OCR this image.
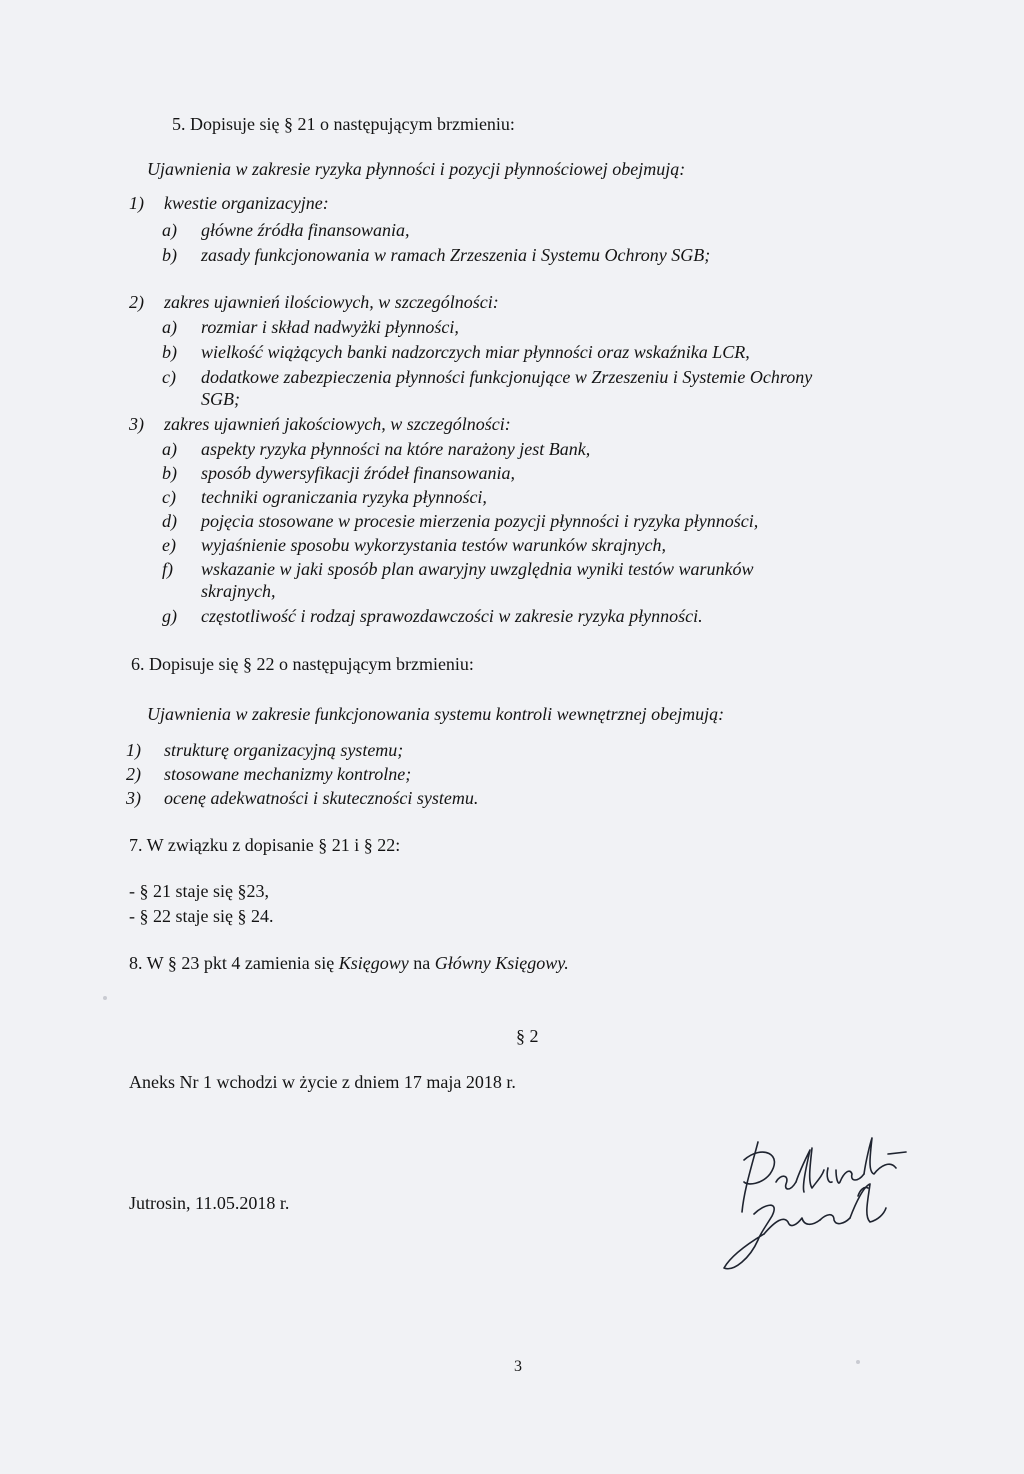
5. Dopisuje się § 21 o następującym brzmieniu:
Ujawnienia w zakresie ryzyka płynności i pozycji płynnościowej obejmują:
1) kwestie organizacyjne:
a) główne źródła finansowania,
b) zasady funkcjonowania w ramach Zrzeszenia i Systemu Ochrony SGB;
2) zakres ujawnień ilościowych, w szczególności:
a) rozmiar i skład nadwyżki płynności,
b) wielkość wiążących banki nadzorczych miar płynności oraz wskaźnika LCR,
c) dodatkowe zabezpieczenia płynności funkcjonujące w Zrzeszeniu i Systemie Ochrony
SGB;
3) zakres ujawnień jakościowych, w szczególności:
a) aspekty ryzyka płynności na które narażony jest Bank,
b) sposób dywersyfikacji źródeł finansowania,
c) techniki ograniczania ryzyka płynności,
d) pojęcia stosowane w procesie mierzenia pozycji płynności i ryzyka płynności,
e) wyjaśnienie sposobu wykorzystania testów warunków skrajnych,
f) wskazanie w jaki sposób plan awaryjny uwzględnia wyniki testów warunków
skrajnych,
g) częstotliwość i rodzaj sprawozdawczości w zakresie ryzyka płynności.
6. Dopisuje się § 22 o następującym brzmieniu:
Ujawnienia w zakresie funkcjonowania systemu kontroli wewnętrznej obejmują:
1) strukturę organizacyjną systemu;
2) stosowane mechanizmy kontrolne;
3) ocenę adekwatności i skuteczności systemu.
7. W związku z dopisanie § 21 i § 22:
- § 21 staje się §23,
- § 22 staje się § 24.
8. W § 23 pkt 4 zamienia się Księgowy na Główny Księgowy.
§ 2
Aneks Nr 1 wchodzi w życie z dniem 17 maja 2018 r.
Jutrosin, 11.05.2018 r.
3
